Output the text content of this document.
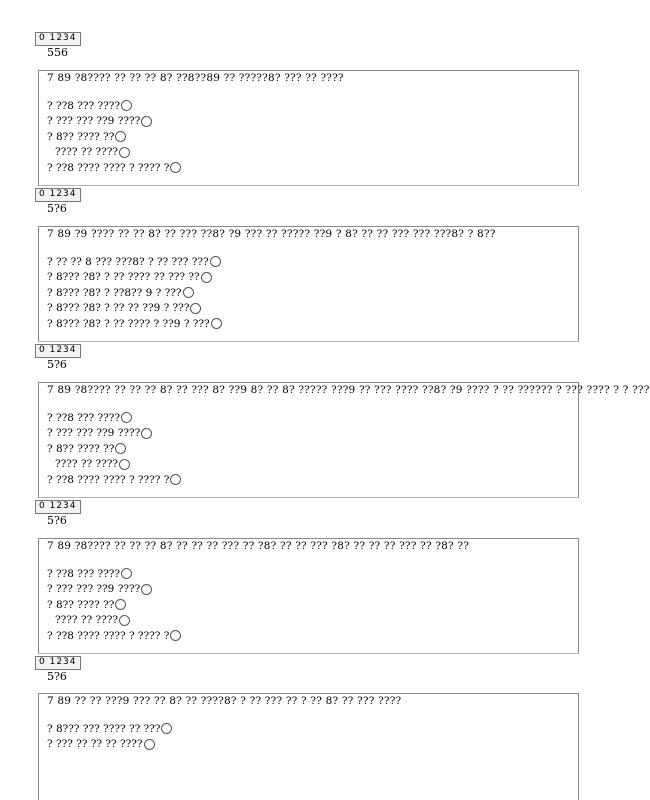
0 1234
556
7 89 ?8???? ?? ?? ?? 8? ??8??89 ?? ?????8? ??? ?? ????
? ??8 ??? ????
? ??? ??? ??9 ????
? 8?? ???? ??
???? ?? ????
? ??8 ???? ???? ? ???? ?
0 1234
5?6
7 89 ?9 ???? ?? ?? 8? ?? ??? ??8? ?9 ??? ?? ????? ??9 ? 8? ?? ?? ??? ??? ???8? ? 8??
? ?? ?? 8 ??? ???8? ? ?? ??? ???
? 8??? ?8? ? ?? ???? ?? ??? ??
? 8??? ?8? ? ??8?? 9 ? ???
? 8??? ?8? ? ?? ?? ??9 ? ???
? 8??? ?8? ? ?? ???? ? ??9 ? ???
0 1234
5?6
7 89 ?8???? ?? ?? ?? 8? ?? ??? 8? ??9 8? ?? 8? ????? ???9 ?? ??? ???? ??8? ?9 ???? ? ?? ?????? ? ??? ???? ? ? ???
? ??8 ??? ????
? ??? ??? ??9 ????
? 8?? ???? ??
???? ?? ????
? ??8 ???? ???? ? ???? ?
0 1234
5?6
7 89 ?8???? ?? ?? ?? 8? ?? ?? ?? ??? ?? ?8? ?? ?? ??? ?8? ?? ?? ?? ??? ?? ?8? ??
? ??8 ??? ????
? ??? ??? ??9 ????
? 8?? ???? ??
???? ?? ????
? ??8 ???? ???? ? ???? ?
0 1234
5?6
7 89 ?? ?? ???9 ??? ?? 8? ?? ????8? ? ?? ??? ?? ? ?? 8? ?? ??? ????
? 8??? ??? ???? ?? ???
? ??? ?? ?? ?? ????
